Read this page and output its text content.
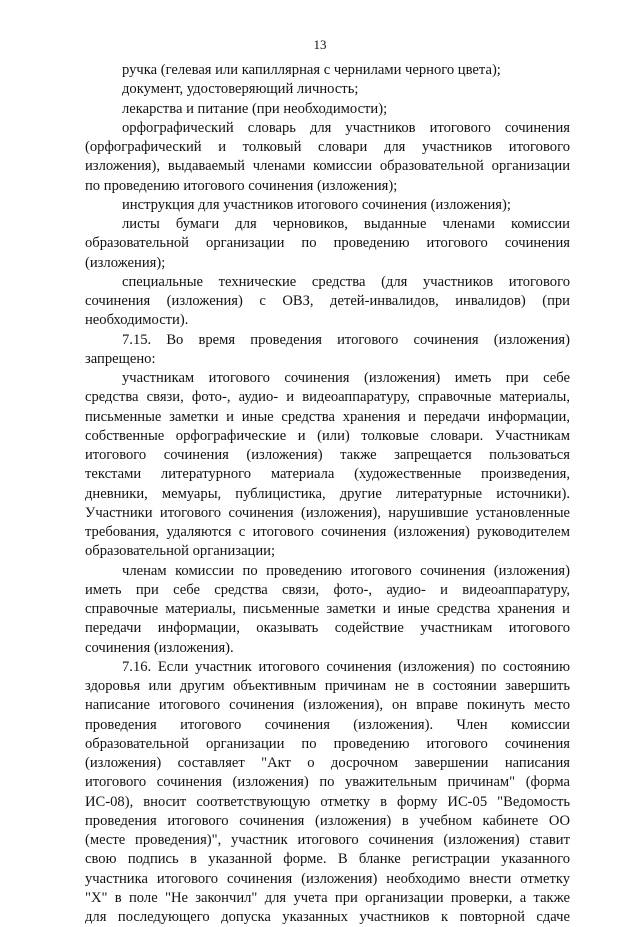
13
ручка (гелевая или капиллярная с чернилами черного цвета);
документ, удостоверяющий личность;
лекарства и питание (при необходимости);
орфографический словарь для участников итогового сочинения
(орфографический и толковый словари для участников итогового
изложения), выдаваемый членами комиссии образовательной организации
по проведению итогового сочинения (изложения);
инструкция для участников итогового сочинения (изложения);
листы бумаги для черновиков, выданные членами комиссии
образовательной организации по проведению итогового сочинения
(изложения);
специальные технические средства (для участников итогового
сочинения (изложения) с ОВЗ, детей-инвалидов, инвалидов) (при
необходимости).
7.15. Во время проведения итогового сочинения (изложения)
запрещено:
участникам итогового сочинения (изложения) иметь при себе
средства связи, фото-, аудио- и видеоаппаратуру, справочные материалы,
письменные заметки и иные средства хранения и передачи информации,
собственные орфографические и (или) толковые словари. Участникам
итогового сочинения (изложения) также запрещается пользоваться
текстами литературного материала (художественные произведения,
дневники, мемуары, публицистика, другие литературные источники).
Участники итогового сочинения (изложения), нарушившие установленные
требования, удаляются с итогового сочинения (изложения) руководителем
образовательной организации;
членам комиссии по проведению итогового сочинения (изложения)
иметь при себе средства связи, фото-, аудио- и видеоаппаратуру,
справочные материалы, письменные заметки и иные средства хранения и
передачи информации, оказывать содействие участникам итогового
сочинения (изложения).
7.16. Если участник итогового сочинения (изложения) по состоянию
здоровья или другим объективным причинам не в состоянии завершить
написание итогового сочинения (изложения), он вправе покинуть место
проведения итогового сочинения (изложения). Член комиссии
образовательной организации по проведению итогового сочинения
(изложения) составляет "Акт о досрочном завершении написания
итогового сочинения (изложения) по уважительным причинам" (форма
ИС-08), вносит соответствующую отметку в форму ИС-05 "Ведомость
проведения итогового сочинения (изложения) в учебном кабинете ОО
(месте проведения)", участник итогового сочинения (изложения) ставит
свою подпись в указанной форме. В бланке регистрации указанного
участника итогового сочинения (изложения) необходимо внести отметку
"X" в поле "Не закончил" для учета при организации проверки, а также
для последующего допуска указанных участников к повторной сдаче
